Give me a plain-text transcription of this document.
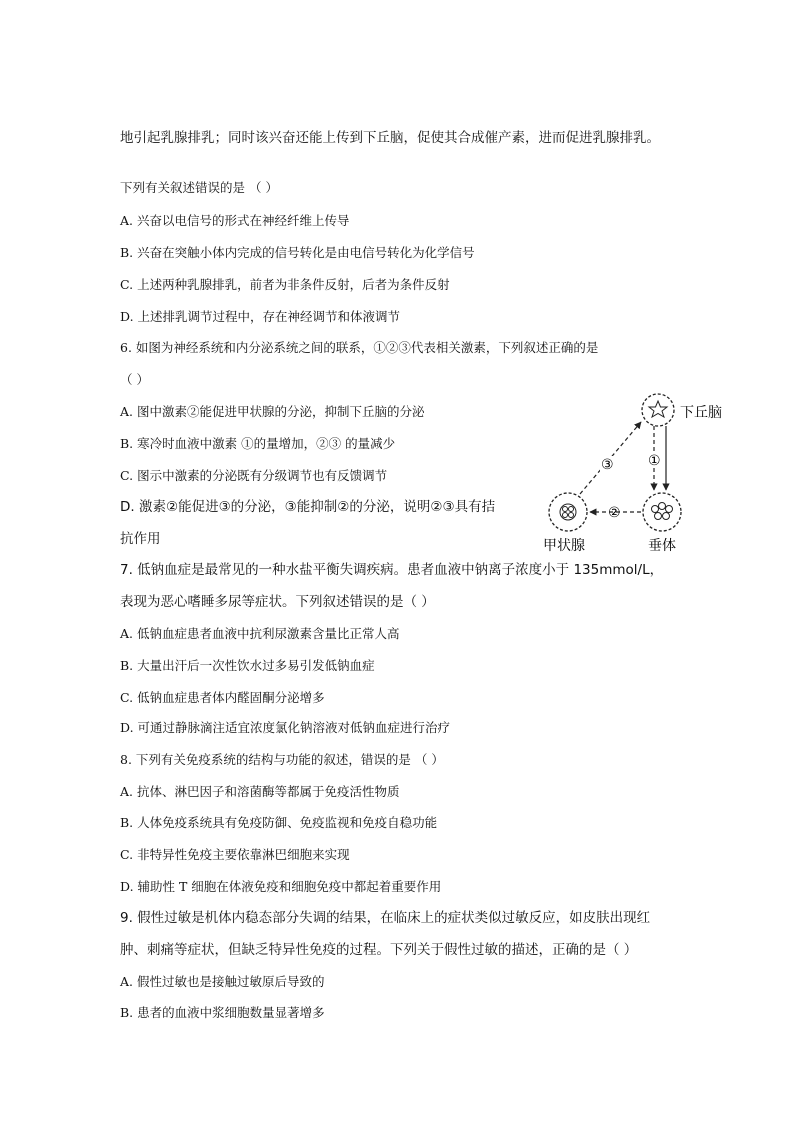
地引起乳腺排乳；同时该兴奋还能上传到下丘脑，促使其合成催产素，进而促进乳腺排乳。
下列有关叙述错误的是 （ ）
A. 兴奋以电信号的形式在神经纤维上传导
B. 兴奋在突触小体内完成的信号转化是由电信号转化为化学信号
C. 上述两种乳腺排乳，前者为非条件反射，后者为条件反射
D. 上述排乳调节过程中，存在神经调节和体液调节
6. 如图为神经系统和内分泌系统之间的联系，①②③代表相关激素，下列叙述正确的是
（ ）
A. 图中激素②能促进甲状腺的分泌，抑制下丘脑的分泌
B. 寒冷时血液中激素 ①的量增加，②③ 的量减少
C. 图示中激素的分泌既有分级调节也有反馈调节
D. 激素②能促进③的分泌，③能抑制②的分泌，说明②③具有拮
抗作用
7. 低钠血症是最常见的一种水盐平衡失调疾病。患者血液中钠离子浓度小于 135mmol/L，
表现为恶心嗜睡多尿等症状。下列叙述错误的是（ ）
A. 低钠血症患者血液中抗利尿激素含量比正常人高
B. 大量出汗后一次性饮水过多易引发低钠血症
C. 低钠血症患者体内醛固酮分泌增多
D. 可通过静脉滴注适宜浓度氯化钠溶液对低钠血症进行治疗
8. 下列有关免疫系统的结构与功能的叙述，错误的是 （ ）
A. 抗体、淋巴因子和溶菌酶等都属于免疫活性物质
B. 人体免疫系统具有免疫防御、免疫监视和免疫自稳功能
C. 非特异性免疫主要依靠淋巴细胞来实现
D. 辅助性 T 细胞在体液免疫和细胞免疫中都起着重要作用
9. 假性过敏是机体内稳态部分失调的结果，在临床上的症状类似过敏反应，如皮肤出现红
肿、刺痛等症状，但缺乏特异性免疫的过程。下列关于假性过敏的描述，正确的是（ ）
A. 假性过敏也是接触过敏原后导致的
B. 患者的血液中浆细胞数量显著增多
下丘脑
垂体
甲状腺
①
②
③
